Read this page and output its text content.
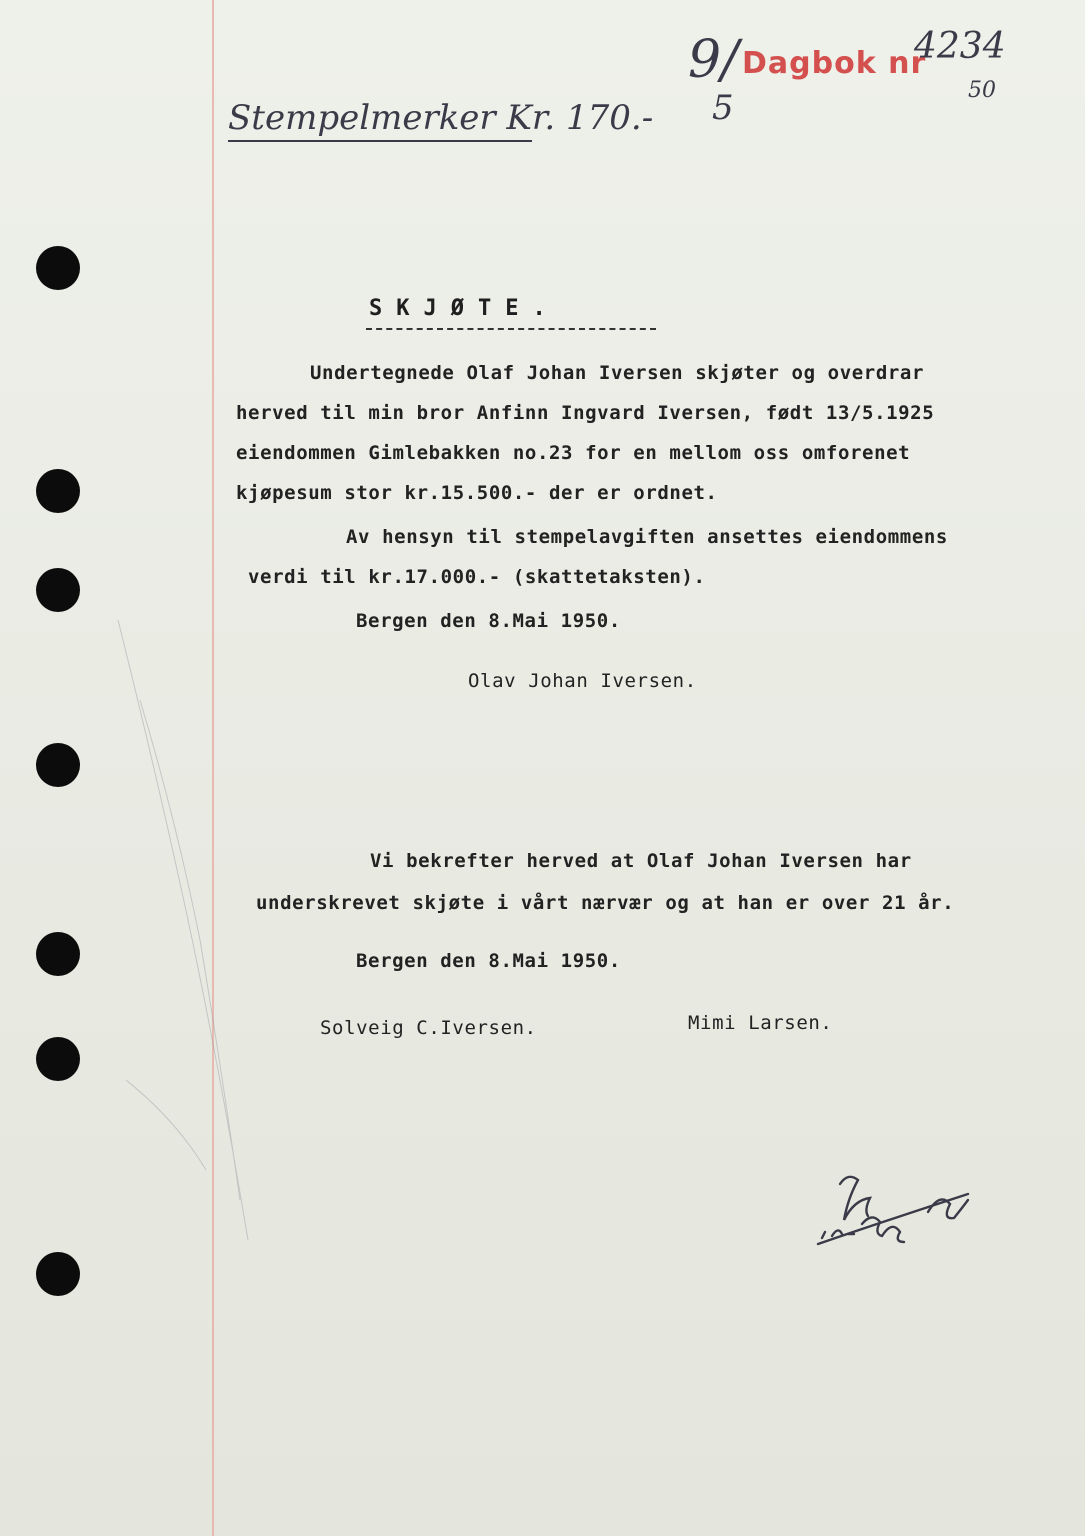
Stempelmerker Kr. 170.-
9/
5
Dagbok nr
4234
50
SKJØTE.
Undertegnede Olaf Johan Iversen skjøter og overdrar
herved til min bror Anfinn Ingvard Iversen, født 13/5.1925
eiendommen Gimlebakken no.23 for en mellom oss omforenet
kjøpesum stor kr.15.500.- der er ordnet.
Av hensyn til stempelavgiften ansettes eiendommens
verdi til kr.17.000.- (skattetaksten).
Bergen den 8.Mai 1950.
Olav Johan Iversen.
Vi bekrefter herved at Olaf Johan Iversen har
underskrevet skjøte i vårt nærvær og at han er over 21 år.
Bergen den 8.Mai 1950.
Solveig C.Iversen.	Mimi Larsen.
